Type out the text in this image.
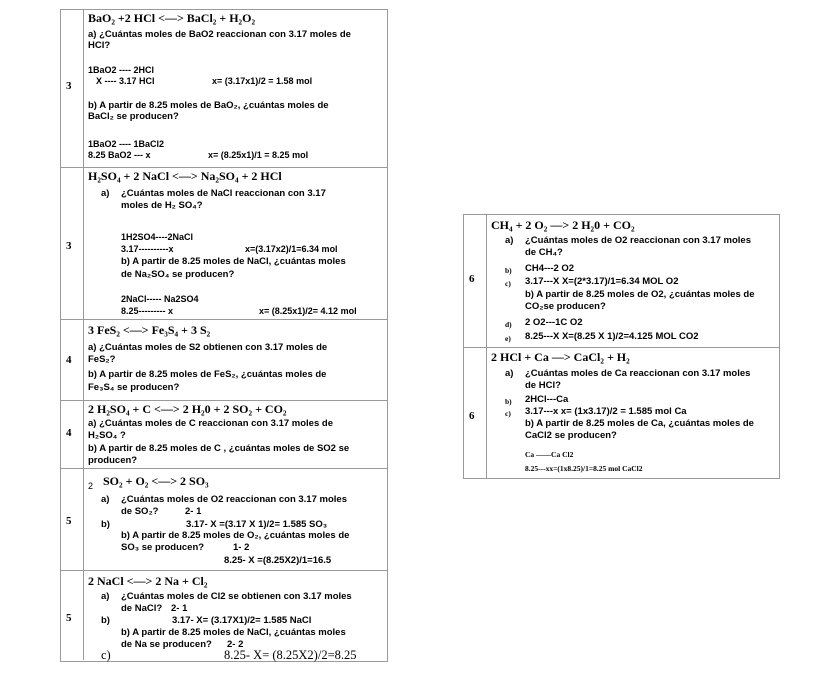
3
BaO₂ +2 HCl <—> BaCl₂ + H₂O₂
a) ¿Cuántas moles de BaO2 reaccionan con 3.17 moles de
HCl?
1BaO2 ---- 2HCl
X ---- 3.17 HCl	x= (3.17x1)/2 = 1.58 mol
b) A partir de 8.25 moles de BaO₂, ¿cuántas moles de
BaCl₂ se producen?
1BaO2 ---- 1BaCl2
8.25 BaO2 --- x	x= (8.25x1)/1 = 8.25 mol
3
H₂SO₄ + 2 NaCl <—> Na₂SO₄ + 2 HCl
a) ¿Cuántas moles de NaCl reaccionan con 3.17
moles de H₂ SO₄?
1H2SO4----2NaCl
3.17----------x	x=(3.17x2)/1=6.34 mol
b) A partir de 8.25 moles de NaCl, ¿cuántas moles
de Na₂SO₄ se producen?
2NaCl----- Na2SO4
8.25--------- x	x= (8.25x1)/2= 4.12 mol
4
3 FeS₂ <—> Fe₃S₄ + 3 S₂
a) ¿Cuántas moles de S2 obtienen con 3.17 moles de
FeS₂?
b) A partir de 8.25 moles de FeS₂, ¿cuántas moles de
Fe₃S₄ se producen?
4
2 H₂SO₄ + C <—> 2 H₂0 + 2 SO₂ + CO₂
a) ¿Cuántas moles de C reaccionan con 3.17 moles de
H₂SO₄ ?
b) A partir de 8.25 moles de C , ¿cuántas moles de SO2 se
producen?
5
2 SO₂ + O₂ <—> 2 SO₃
a) ¿Cuántas moles de O2 reaccionan con 3.17 moles
de SO₂?	2- 1
b)	3.17- X =(3.17 X 1)/2= 1.585 SO₃
b) A partir de 8.25 moles de O₂, ¿cuántas moles de
SO₃ se producen?	1- 2
8.25- X =(8.25X2)/1=16.5
5
2 NaCl <—> 2 Na + Cl₂
a) ¿Cuántas moles de Cl2 se obtienen con 3.17 moles
de NaCl? 2- 1
b)	3.17- X= (3.17X1)/2= 1.585 NaCl
b) A partir de 8.25 moles de NaCl, ¿cuántas moles
de Na se producen? 2- 2
c)	8.25- X= (8.25X2)/2=8.25
6
CH₄ + 2 O₂ —> 2 H₂0 + CO₂
a) ¿Cuántas moles de O2 reaccionan con 3.17 moles
de CH₄?
b) CH4---2 O2
c) 3.17---X X=(2*3.17)/1=6.34 MOL O2
b) A partir de 8.25 moles de O2, ¿cuántas moles de
CO₂se producen?
d) 2 O2---1C O2
e) 8.25---X X=(8.25 X 1)/2=4.125 MOL CO2
6
2 HCl + Ca —> CaCl₂ + H₂
a) ¿Cuántas moles de Ca reaccionan con 3.17 moles
de HCl?
b) 2HCl---Ca
c) 3.17---x x= (1x3.17)/2 = 1.585 mol Ca
b) A partir de 8.25 moles de Ca, ¿cuántas moles de
CaCl2 se producen?
Ca ——Ca Cl2
8.25---xx=(1x8.25)/1=8.25 mol CaCl2
